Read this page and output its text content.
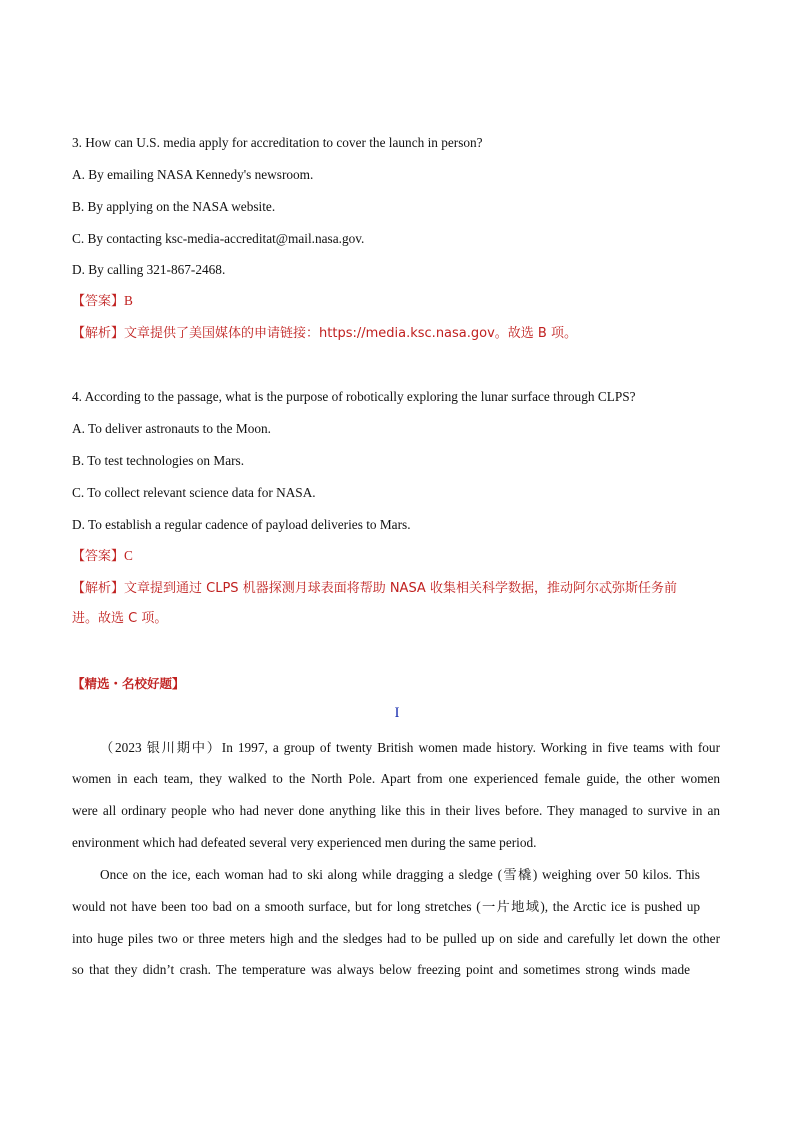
3. How can U.S. media apply for accreditation to cover the launch in person?
A. By emailing NASA Kennedy's newsroom.
B. By applying on the NASA website.
C. By contacting ksc-media-accreditat@mail.nasa.gov.
D. By calling 321-867-2468.
【答案】B
【解析】文章提供了美国媒体的申请链接：https://media.ksc.nasa.gov。故选 B 项。
4. According to the passage, what is the purpose of robotically exploring the lunar surface through CLPS?
A. To deliver astronauts to the Moon.
B. To test technologies on Mars.
C. To collect relevant science data for NASA.
D. To establish a regular cadence of payload deliveries to Mars.
【答案】C
【解析】文章提到通过 CLPS 机器探测月球表面将帮助 NASA 收集相关科学数据，推动阿尔忒弥斯任务前
进。故选 C 项。
【精选・名校好题】
I
（2023 银川期中）In 1997, a group of twenty British women made history. Working in five teams with four
women in each team, they walked to the North Pole. Apart from one experienced female guide, the other women
were all ordinary people who had never done anything like this in their lives before. They managed to survive in an
environment which had defeated several very experienced men during the same period.
Once on the ice, each woman had to ski along while dragging a sledge (雪橇) weighing over 50 kilos. This
would not have been too bad on a smooth surface, but for long stretches (一片地域), the Arctic ice is pushed up
into huge piles two or three meters high and the sledges had to be pulled up on side and carefully let down the other
so that they didn’t crash. The temperature was always below freezing point and sometimes strong winds made
